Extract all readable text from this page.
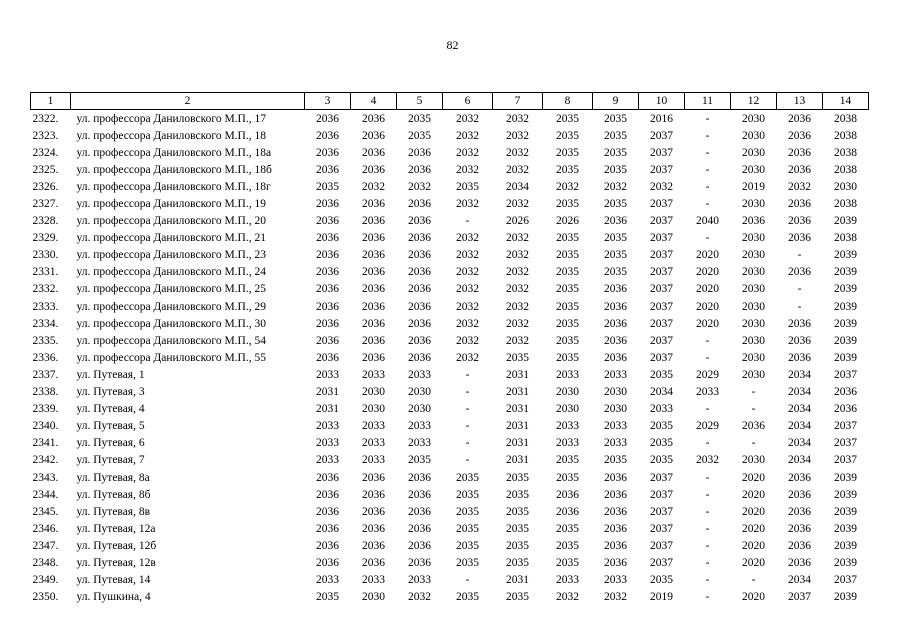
82
1	2	3	4	5	6	7	8	9	10	11	12	13	14
2322.	ул. профессора Даниловского М.П., 17	2036	2036	2035	2032	2032	2035	2035	2016	-	2030	2036	2038
2323.	ул. профессора Даниловского М.П., 18	2036	2036	2035	2032	2032	2035	2035	2037	-	2030	2036	2038
2324.	ул. профессора Даниловского М.П., 18а	2036	2036	2036	2032	2032	2035	2035	2037	-	2030	2036	2038
2325.	ул. профессора Даниловского М.П., 18б	2036	2036	2036	2032	2032	2035	2035	2037	-	2030	2036	2038
2326.	ул. профессора Даниловского М.П., 18г	2035	2032	2032	2035	2034	2032	2032	2032	-	2019	2032	2030
2327.	ул. профессора Даниловского М.П., 19	2036	2036	2036	2032	2032	2035	2035	2037	-	2030	2036	2038
2328.	ул. профессора Даниловского М.П., 20	2036	2036	2036	-	2026	2026	2036	2037	2040	2036	2036	2039
2329.	ул. профессора Даниловского М.П., 21	2036	2036	2036	2032	2032	2035	2035	2037	-	2030	2036	2038
2330.	ул. профессора Даниловского М.П., 23	2036	2036	2036	2032	2032	2035	2035	2037	2020	2030	-	2039
2331.	ул. профессора Даниловского М.П., 24	2036	2036	2036	2032	2032	2035	2035	2037	2020	2030	2036	2039
2332.	ул. профессора Даниловского М.П., 25	2036	2036	2036	2032	2032	2035	2036	2037	2020	2030	-	2039
2333.	ул. профессора Даниловского М.П., 29	2036	2036	2036	2032	2032	2035	2036	2037	2020	2030	-	2039
2334.	ул. профессора Даниловского М.П., 30	2036	2036	2036	2032	2032	2035	2036	2037	2020	2030	2036	2039
2335.	ул. профессора Даниловского М.П., 54	2036	2036	2036	2032	2032	2035	2036	2037	-	2030	2036	2039
2336.	ул. профессора Даниловского М.П., 55	2036	2036	2036	2032	2035	2035	2036	2037	-	2030	2036	2039
2337.	ул. Путевая, 1	2033	2033	2033	-	2031	2033	2033	2035	2029	2030	2034	2037
2338.	ул. Путевая, 3	2031	2030	2030	-	2031	2030	2030	2034	2033	-	2034	2036
2339.	ул. Путевая, 4	2031	2030	2030	-	2031	2030	2030	2033	-	-	2034	2036
2340.	ул. Путевая, 5	2033	2033	2033	-	2031	2033	2033	2035	2029	2036	2034	2037
2341.	ул. Путевая, 6	2033	2033	2033	-	2031	2033	2033	2035	-	-	2034	2037
2342.	ул. Путевая, 7	2033	2033	2035	-	2031	2035	2035	2035	2032	2030	2034	2037
2343.	ул. Путевая, 8а	2036	2036	2036	2035	2035	2035	2036	2037	-	2020	2036	2039
2344.	ул. Путевая, 8б	2036	2036	2036	2035	2035	2036	2036	2037	-	2020	2036	2039
2345.	ул. Путевая, 8в	2036	2036	2036	2035	2035	2036	2036	2037	-	2020	2036	2039
2346.	ул. Путевая, 12а	2036	2036	2036	2035	2035	2035	2036	2037	-	2020	2036	2039
2347.	ул. Путевая, 12б	2036	2036	2036	2035	2035	2035	2036	2037	-	2020	2036	2039
2348.	ул. Путевая, 12в	2036	2036	2036	2035	2035	2035	2036	2037	-	2020	2036	2039
2349.	ул. Путевая, 14	2033	2033	2033	-	2031	2033	2033	2035	-	-	2034	2037
2350.	ул. Пушкина, 4	2035	2030	2032	2035	2035	2032	2032	2019	-	2020	2037	2039
